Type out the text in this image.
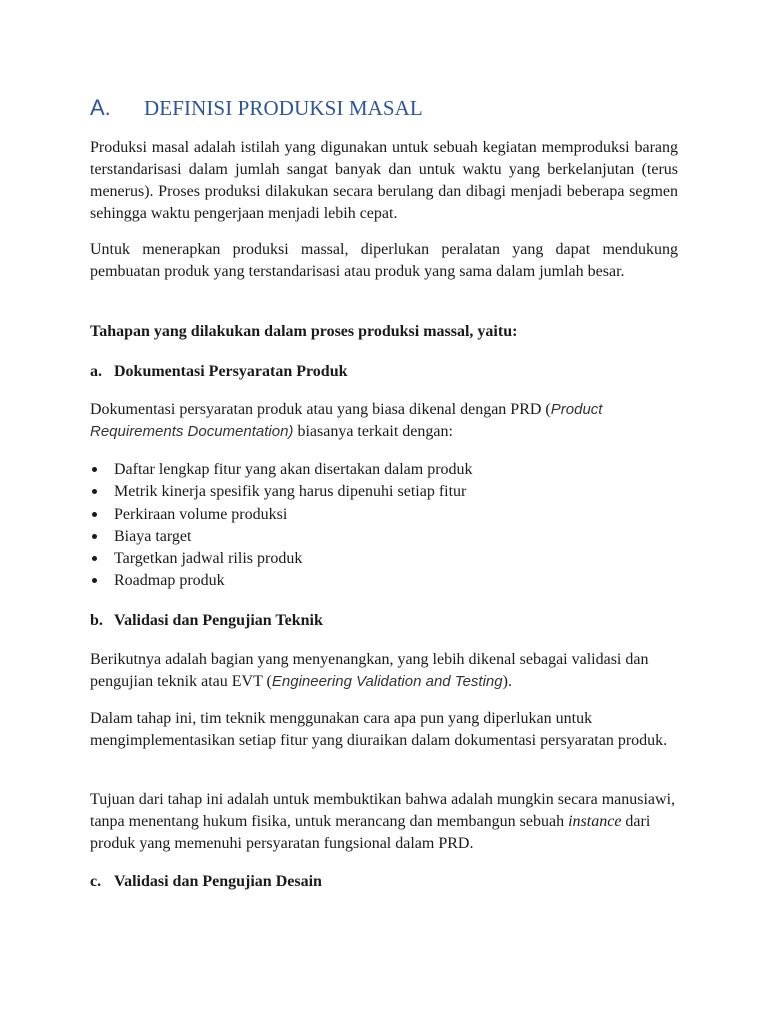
A. DEFINISI PRODUKSI MASAL
Produksi masal adalah istilah yang digunakan untuk sebuah kegiatan memproduksi barang terstandarisasi dalam jumlah sangat banyak dan untuk waktu yang berkelanjutan (terus menerus). Proses produksi dilakukan secara berulang dan dibagi menjadi beberapa segmen sehingga waktu pengerjaan menjadi lebih cepat.
Untuk menerapkan produksi massal, diperlukan peralatan yang dapat mendukung pembuatan produk yang terstandarisasi atau produk yang sama dalam jumlah besar.
Tahapan yang dilakukan dalam proses produksi massal, yaitu:
a. Dokumentasi Persyaratan Produk
Dokumentasi persyaratan produk atau yang biasa dikenal dengan PRD (Product Requirements Documentation) biasanya terkait dengan:
Daftar lengkap fitur yang akan disertakan dalam produk
Metrik kinerja spesifik yang harus dipenuhi setiap fitur
Perkiraan volume produksi
Biaya target
Targetkan jadwal rilis produk
Roadmap produk
b. Validasi dan Pengujian Teknik
Berikutnya adalah bagian yang menyenangkan, yang lebih dikenal sebagai validasi dan pengujian teknik atau EVT (Engineering Validation and Testing).
Dalam tahap ini, tim teknik menggunakan cara apa pun yang diperlukan untuk mengimplementasikan setiap fitur yang diuraikan dalam dokumentasi persyaratan produk.
Tujuan dari tahap ini adalah untuk membuktikan bahwa adalah mungkin secara manusiawi, tanpa menentang hukum fisika, untuk merancang dan membangun sebuah instance dari produk yang memenuhi persyaratan fungsional dalam PRD.
c. Validasi dan Pengujian Desain
